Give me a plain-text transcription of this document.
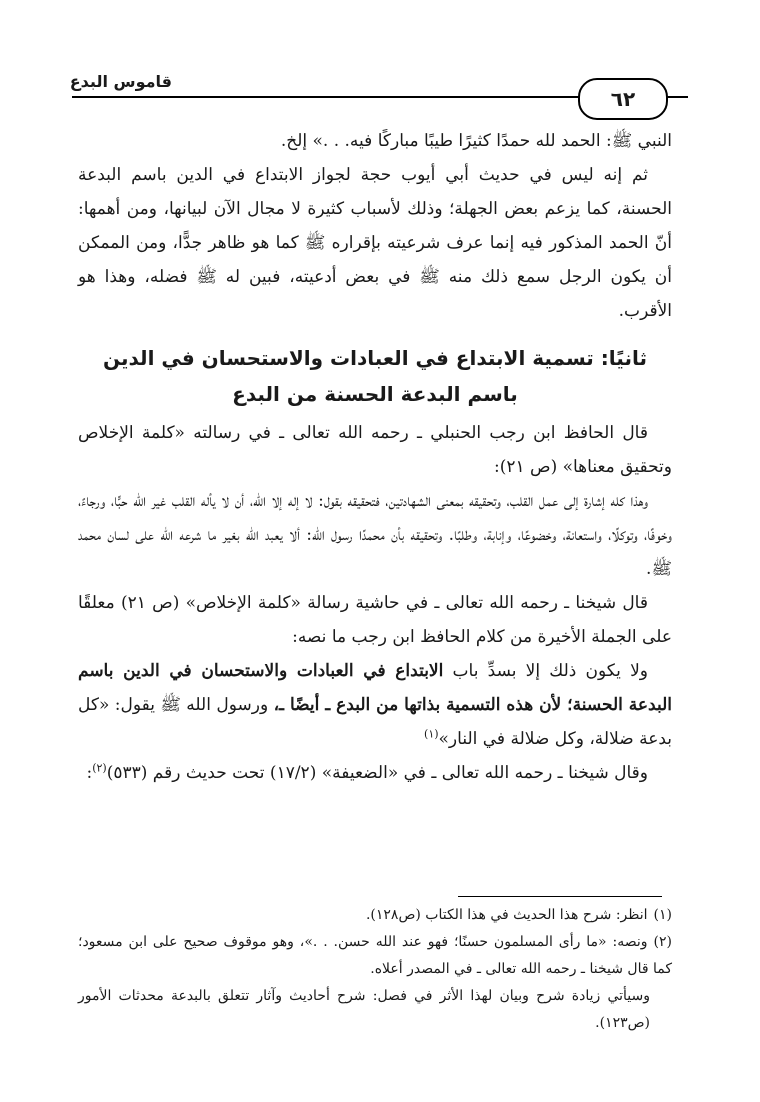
قاموس البدع
٦٢

النبي ﷺ: الحمد لله حمدًا كثيرًا طيبًا مباركًا فيه. . .» إلخ.

ثم إنه ليس في حديث أبي أيوب حجة لجواز الابتداع في الدين باسم البدعة الحسنة، كما يزعم بعض الجهلة؛ وذلك لأسباب كثيرة لا مجال الآن لبيانها، ومن أهمها: أنّ الحمد المذكور فيه إنما عرف شرعيته بإقراره ﷺ كما هو ظاهر جدًّا، ومن الممكن أن يكون الرجل سمع ذلك منه ﷺ في بعض أدعيته، فبين له ﷺ فضله، وهذا هو الأقرب.

ثانيًا: تسمية الابتداع في العبادات والاستحسان في الدين
باسم البدعة الحسنة من البدع

قال الحافظ ابن رجب الحنبلي ـ رحمه الله تعالى ـ في رسالته «كلمة الإخلاص وتحقيق معناها» (ص ٢١):

وهذا كله إشارة إلى عمل القلب، وتحقيقه بمعنى الشهادتين، فتحقيقه بقول: لا إله إلا الله، أن لا يأله القلب غير الله حبًّا، ورجاءً، وخوفًا، وتوكلًا، واستعانة، وخضوعًا، وإنابة، وطلبًا. وتحقيقه بأن محمدًا رسول الله: ألا يعبد الله بغير ما شرعه الله على لسان محمد ﷺ.

قال شيخنا ـ رحمه الله تعالى ـ في حاشية رسالة «كلمة الإخلاص» (ص ٢١) معلقًا على الجملة الأخيرة من كلام الحافظ ابن رجب ما نصه:

ولا يكون ذلك إلا بسدِّ باب الابتداع في العبادات والاستحسان في الدين باسم البدعة الحسنة؛ لأن هذه التسمية بذاتها من البدع ـ أيضًا ـ، ورسول الله ﷺ يقول: «كل بدعة ضلالة، وكل ضلالة في النار»$^{(١)}$

وقال شيخنا ـ رحمه الله تعالى ـ في «الضعيفة» (١٧/٢) تحت حديث رقم (٥٣٣)$^{(٢)}$:

(١)انظر: شرح هذا الحديث في هذا الكتاب (ص١٢٨).

(٢)ونصه: «ما رأى المسلمون حسنًا؛ فهو عند الله حسن. . .»، وهو موقوف صحيح على ابن مسعود؛ كما قال شيخنا ـ رحمه الله تعالى ـ في المصدر أعلاه.

وسيأتي زيادة شرح وبيان لهذا الأثر في فصل: شرح أحاديث وآثار تتعلق بالبدعة محدثات الأمور (ص١٢٣).
